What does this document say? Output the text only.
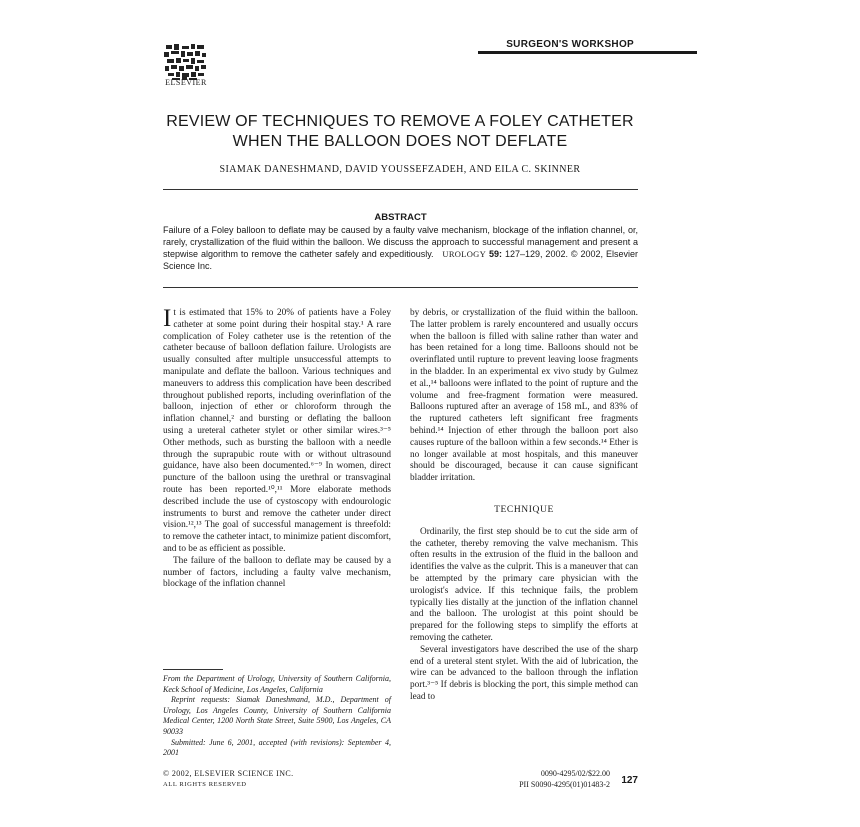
ELSEVIER
SURGEON'S WORKSHOP
REVIEW OF TECHNIQUES TO REMOVE A FOLEY CATHETER
WHEN THE BALLOON DOES NOT DEFLATE
SIAMAK DANESHMAND, DAVID YOUSSEFZADEH, AND EILA C. SKINNER
ABSTRACT
Failure of a Foley balloon to deflate may be caused by a faulty valve mechanism, blockage of the inflation channel, or, rarely, crystallization of the fluid within the balloon. We discuss the approach to successful management and present a stepwise algorithm to remove the catheter safely and expeditiously. UROLOGY 59: 127–129, 2002. © 2002, Elsevier Science Inc.

It is estimated that 15% to 20% of patients have a Foley catheter at some point during their hospital stay.¹ A rare complication of Foley catheter use is the retention of the catheter because of balloon deflation failure. Urologists are usually consulted after multiple unsuccessful attempts to manipulate and deflate the balloon. Various techniques and maneuvers to address this complication have been described throughout published reports, including overinflation of the balloon, injection of ether or chloroform through the inflation channel,² and bursting or deflating the balloon using a ureteral catheter stylet or other similar wires.³⁻⁵ Other methods, such as bursting the balloon with a needle through the suprapubic route with or without ultrasound guidance, have also been documented.⁶⁻⁹ In women, direct puncture of the balloon using the urethral or transvaginal route has been reported.¹⁰,¹¹ More elaborate methods described include the use of cystoscopy with endourologic instruments to burst and remove the catheter under direct vision.¹²,¹³ The goal of successful management is threefold: to remove the catheter intact, to minimize patient discomfort, and to be as efficient as possible.

The failure of the balloon to deflate may be caused by a number of factors, including a faulty valve mechanism, blockage of the inflation channel

From the Department of Urology, University of Southern California, Keck School of Medicine, Los Angeles, California

Reprint requests: Siamak Daneshmand, M.D., Department of Urology, Los Angeles County, University of Southern California Medical Center, 1200 North State Street, Suite 5900, Los Angeles, CA 90033

Submitted: June 6, 2001, accepted (with revisions): September 4, 2001

by debris, or crystallization of the fluid within the balloon. The latter problem is rarely encountered and usually occurs when the balloon is filled with saline rather than water and has been retained for a long time. Balloons should not be overinflated until rupture to prevent leaving loose fragments in the bladder. In an experimental ex vivo study by Gulmez et al.,¹⁴ balloons were inflated to the point of rupture and the volume and free-fragment formation were measured. Balloons ruptured after an average of 158 mL, and 83% of the ruptured catheters left significant free fragments behind.¹⁴ Injection of ether through the balloon port also causes rupture of the balloon within a few seconds.¹⁴ Ether is no longer available at most hospitals, and this maneuver should be discouraged, because it can cause significant bladder irritation.

TECHNIQUE

Ordinarily, the first step should be to cut the side arm of the catheter, thereby removing the valve mechanism. This often results in the extrusion of the fluid in the balloon and identifies the valve as the culprit. This is a maneuver that can be attempted by the primary care physician with the urologist's advice. If this technique fails, the problem typically lies distally at the junction of the inflation channel and the balloon. The urologist at this point should be prepared for the following steps to simplify the efforts at removing the catheter.

Several investigators have described the use of the sharp end of a ureteral stent stylet. With the aid of lubrication, the wire can be advanced to the balloon through the inflation port.³⁻⁵ If debris is blocking the port, this simple method can lead to

© 2002, ELSEVIER SCIENCE INC.
ALL RIGHTS RESERVED
0090-4295/02/$22.00
PII S0090-4295(01)01483-2	127
